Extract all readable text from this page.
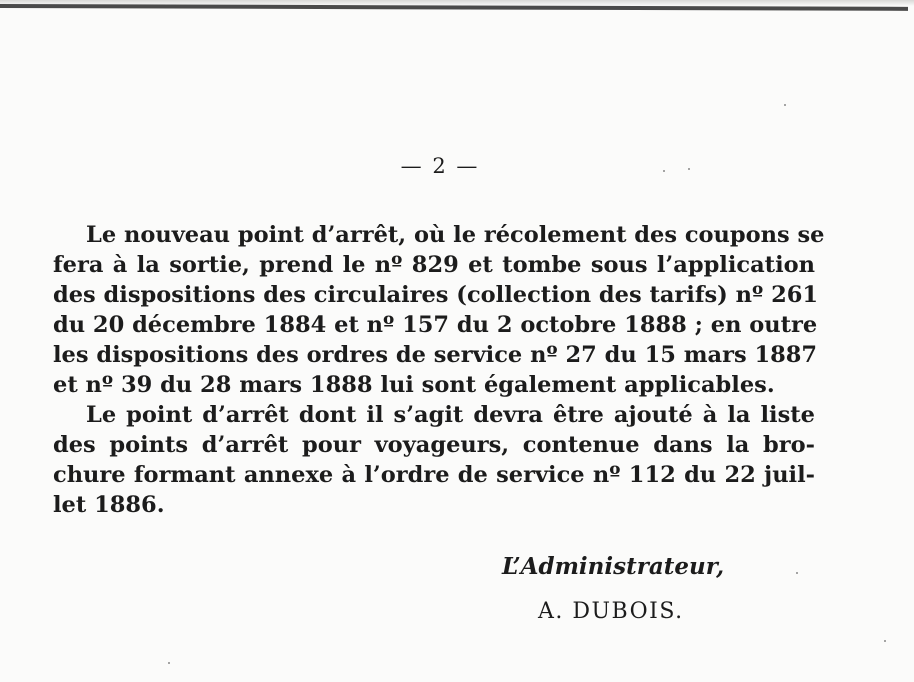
— 2 —
Le nouveau point d’arrêt, où le récolement des coupons se
fera à la sortie, prend le nº 829 et tombe sous l’application
des dispositions des circulaires (collection des tarifs) nº 261
du 20 décembre 1884 et nº 157 du 2 octobre 1888 ; en outre
les dispositions des ordres de service nº 27 du 15 mars 1887
et nº 39 du 28 mars 1888 lui sont également applicables.
Le point d’arrêt dont il s’agit devra être ajouté à la liste
des points d’arrêt pour voyageurs, contenue dans la bro-
chure formant annexe à l’ordre de service nº 112 du 22 juil-
let 1886.
L’Administrateur,
A. DUBOIS.
